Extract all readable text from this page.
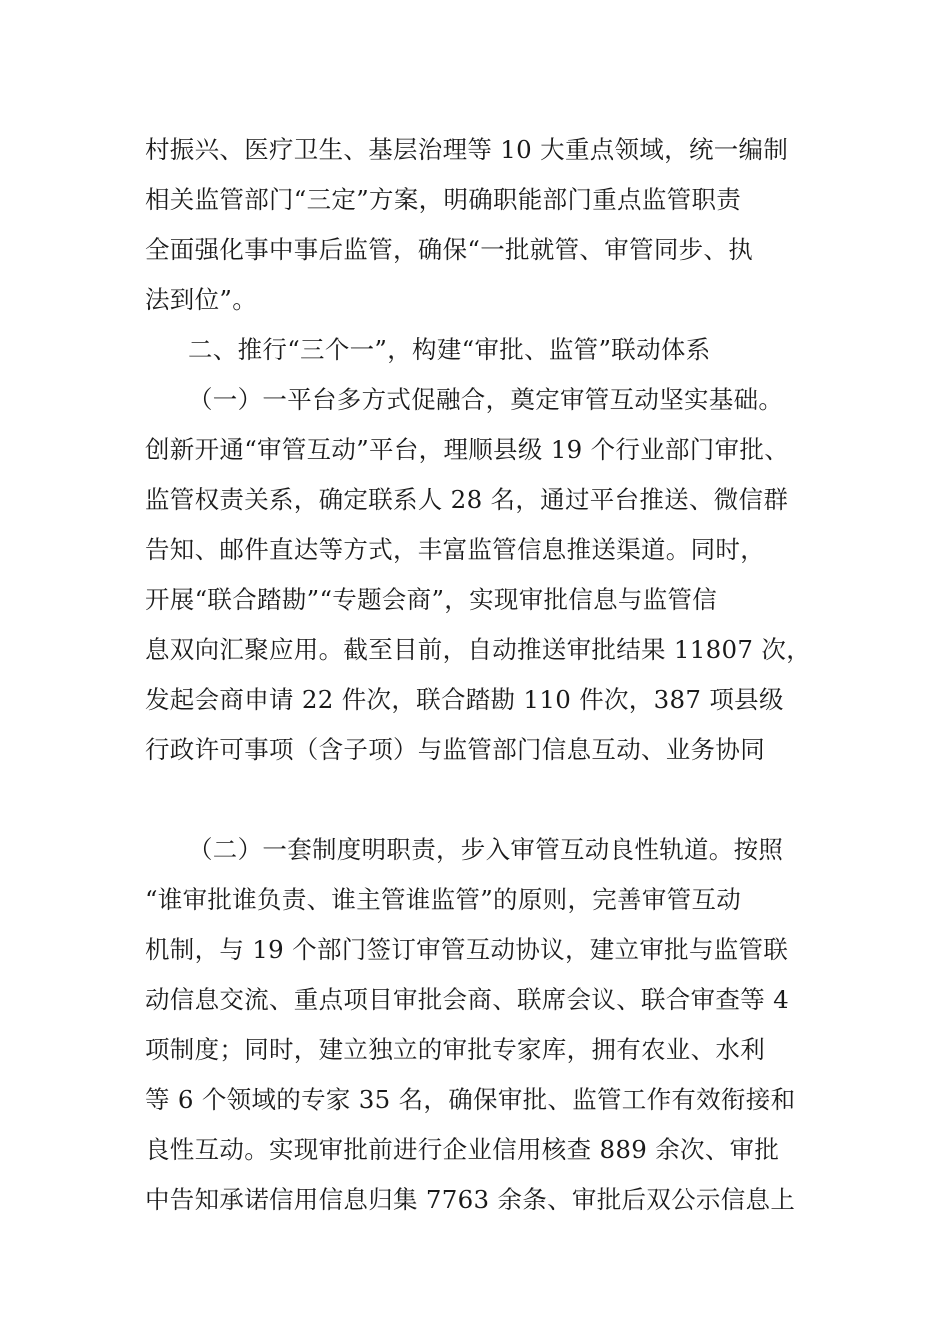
村振兴、医疗卫生、基层治理等 10 大重点领域，统一编制
相关监管部门“三定”方案，明确职能部门重点监管职责
全面强化事中事后监管，确保“一批就管、审管同步、执
法到位”。
二、推行“三个一”，构建“审批、监管”联动体系
（一）一平台多方式促融合，奠定审管互动坚实基础。
创新开通“审管互动”平台，理顺县级 19 个行业部门审批、
监管权责关系，确定联系人 28 名，通过平台推送、微信群
告知、邮件直达等方式，丰富监管信息推送渠道。同时，
开展“联合踏勘”“专题会商”，实现审批信息与监管信
息双向汇聚应用。截至目前，自动推送审批结果 11807 次，
发起会商申请 22 件次，联合踏勘 110 件次，387 项县级
行政许可事项（含子项）与监管部门信息互动、业务协同
（二）一套制度明职责，步入审管互动良性轨道。按照
“谁审批谁负责、谁主管谁监管”的原则，完善审管互动
机制，与 19 个部门签订审管互动协议，建立审批与监管联
动信息交流、重点项目审批会商、联席会议、联合审查等 4
项制度；同时，建立独立的审批专家库，拥有农业、水利
等 6 个领域的专家 35 名，确保审批、监管工作有效衔接和
良性互动。实现审批前进行企业信用核查 889 余次、审批
中告知承诺信用信息归集 7763 余条、审批后双公示信息上
